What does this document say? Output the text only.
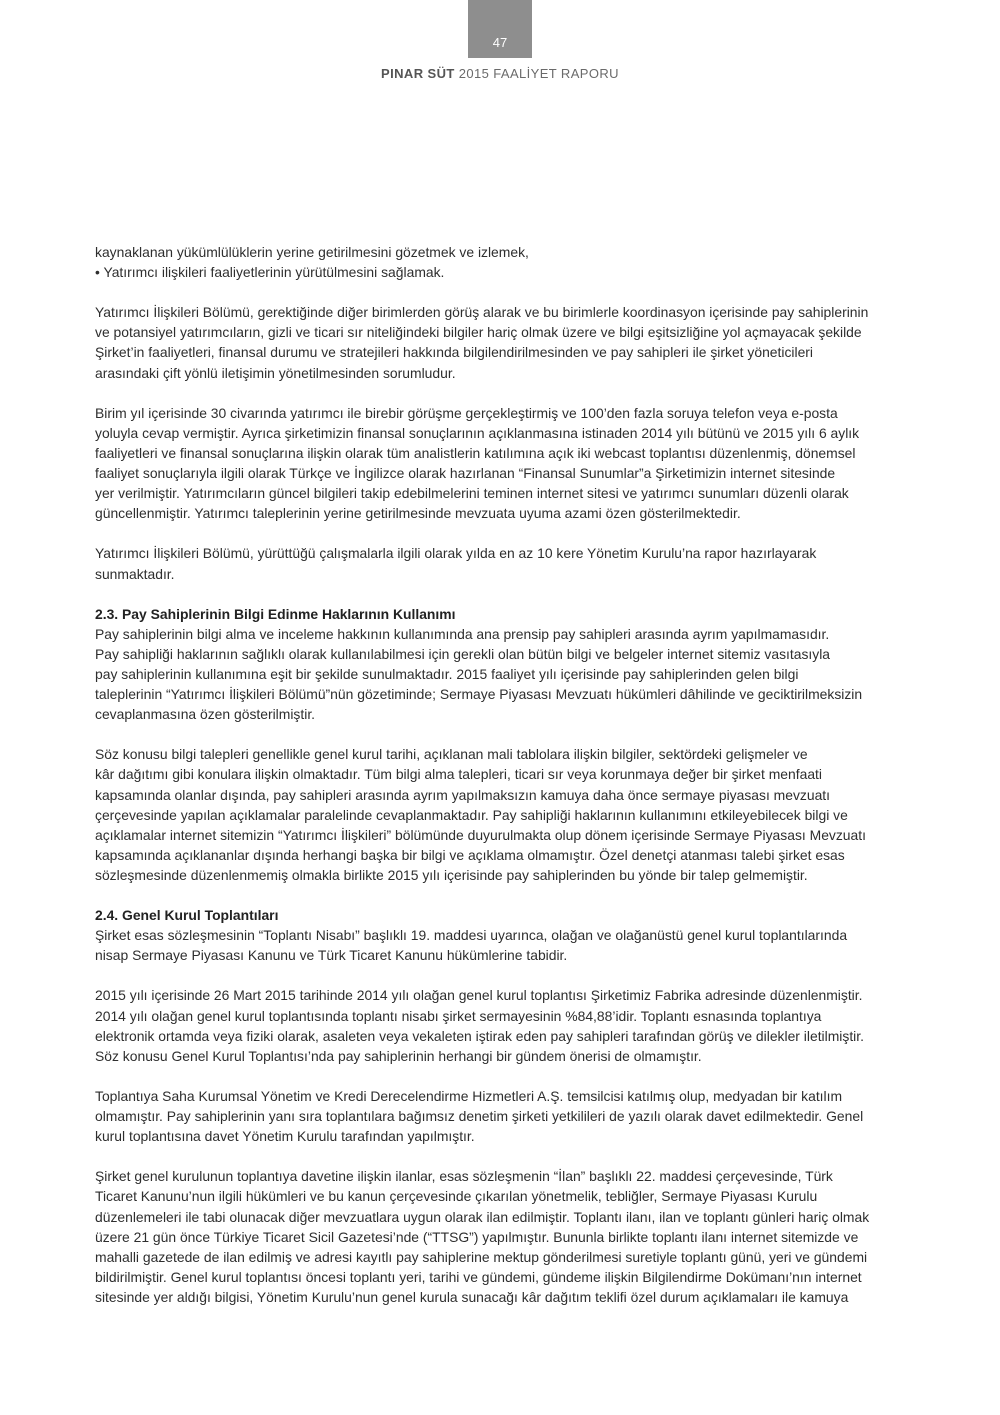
47
PINAR SÜT 2015 FAALİYET RAPORU

kaynaklanan yükümlülüklerin yerine getirilmesini gözetmek ve izlemek,

• Yatırımcı ilişkileri faaliyetlerinin yürütülmesini sağlamak.

Yatırımcı İlişkileri Bölümü, gerektiğinde diğer birimlerden görüş alarak ve bu birimlerle koordinasyon içerisinde pay sahiplerinin

ve potansiyel yatırımcıların, gizli ve ticari sır niteliğindeki bilgiler hariç olmak üzere ve bilgi eşitsizliğine yol açmayacak şekilde

Şirket’in faaliyetleri, finansal durumu ve stratejileri hakkında bilgilendirilmesinden ve pay sahipleri ile şirket yöneticileri

arasındaki çift yönlü iletişimin yönetilmesinden sorumludur.

Birim yıl içerisinde 30 civarında yatırımcı ile birebir görüşme gerçekleştirmiş ve 100’den fazla soruya telefon veya e-posta

yoluyla cevap vermiştir. Ayrıca şirketimizin finansal sonuçlarının açıklanmasına istinaden 2014 yılı bütünü ve 2015 yılı 6 aylık

faaliyetleri ve finansal sonuçlarına ilişkin olarak tüm analistlerin katılımına açık iki webcast toplantısı düzenlenmiş, dönemsel

faaliyet sonuçlarıyla ilgili olarak Türkçe ve İngilizce olarak hazırlanan “Finansal Sunumlar”a Şirketimizin internet sitesinde

yer verilmiştir. Yatırımcıların güncel bilgileri takip edebilmelerini teminen internet sitesi ve yatırımcı sunumları düzenli olarak

güncellenmiştir. Yatırımcı taleplerinin yerine getirilmesinde mevzuata uyuma azami özen gösterilmektedir.

Yatırımcı İlişkileri Bölümü, yürüttüğü çalışmalarla ilgili olarak yılda en az 10 kere Yönetim Kurulu’na rapor hazırlayarak

sunmaktadır.

2.3. Pay Sahiplerinin Bilgi Edinme Haklarının Kullanımı

Pay sahiplerinin bilgi alma ve inceleme hakkının kullanımında ana prensip pay sahipleri arasında ayrım yapılmamasıdır.

Pay sahipliği haklarının sağlıklı olarak kullanılabilmesi için gerekli olan bütün bilgi ve belgeler internet sitemiz vasıtasıyla

pay sahiplerinin kullanımına eşit bir şekilde sunulmaktadır. 2015 faaliyet yılı içerisinde pay sahiplerinden gelen bilgi

taleplerinin “Yatırımcı İlişkileri Bölümü”nün gözetiminde; Sermaye Piyasası Mevzuatı hükümleri dâhilinde ve geciktirilmeksizin

cevaplanmasına özen gösterilmiştir.

Söz konusu bilgi talepleri genellikle genel kurul tarihi, açıklanan mali tablolara ilişkin bilgiler, sektördeki gelişmeler ve

kâr dağıtımı gibi konulara ilişkin olmaktadır. Tüm bilgi alma talepleri, ticari sır veya korunmaya değer bir şirket menfaati

kapsamında olanlar dışında, pay sahipleri arasında ayrım yapılmaksızın kamuya daha önce sermaye piyasası mevzuatı

çerçevesinde yapılan açıklamalar paralelinde cevaplanmaktadır. Pay sahipliği haklarının kullanımını etkileyebilecek bilgi ve

açıklamalar internet sitemizin “Yatırımcı İlişkileri” bölümünde duyurulmakta olup dönem içerisinde Sermaye Piyasası Mevzuatı

kapsamında açıklananlar dışında herhangi başka bir bilgi ve açıklama olmamıştır. Özel denetçi atanması talebi şirket esas

sözleşmesinde düzenlenmemiş olmakla birlikte 2015 yılı içerisinde pay sahiplerinden bu yönde bir talep gelmemiştir.

2.4. Genel Kurul Toplantıları

Şirket esas sözleşmesinin “Toplantı Nisabı” başlıklı 19. maddesi uyarınca, olağan ve olağanüstü genel kurul toplantılarında

nisap Sermaye Piyasası Kanunu ve Türk Ticaret Kanunu hükümlerine tabidir.

2015 yılı içerisinde 26 Mart 2015 tarihinde 2014 yılı olağan genel kurul toplantısı Şirketimiz Fabrika adresinde düzenlenmiştir.

2014 yılı olağan genel kurul toplantısında toplantı nisabı şirket sermayesinin %84,88’idir. Toplantı esnasında toplantıya

elektronik ortamda veya fiziki olarak, asaleten veya vekaleten iştirak eden pay sahipleri tarafından görüş ve dilekler iletilmiştir.

Söz konusu Genel Kurul Toplantısı’nda pay sahiplerinin herhangi bir gündem önerisi de olmamıştır.

Toplantıya Saha Kurumsal Yönetim ve Kredi Derecelendirme Hizmetleri A.Ş. temsilcisi katılmış olup, medyadan bir katılım

olmamıştır. Pay sahiplerinin yanı sıra toplantılara bağımsız denetim şirketi yetkilileri de yazılı olarak davet edilmektedir. Genel

kurul toplantısına davet Yönetim Kurulu tarafından yapılmıştır.

Şirket genel kurulunun toplantıya davetine ilişkin ilanlar, esas sözleşmenin “İlan” başlıklı 22. maddesi çerçevesinde, Türk

Ticaret Kanunu’nun ilgili hükümleri ve bu kanun çerçevesinde çıkarılan yönetmelik, tebliğler, Sermaye Piyasası Kurulu

düzenlemeleri ile tabi olunacak diğer mevzuatlara uygun olarak ilan edilmiştir. Toplantı ilanı, ilan ve toplantı günleri hariç olmak

üzere 21 gün önce Türkiye Ticaret Sicil Gazetesi’nde (“TTSG”) yapılmıştır. Bununla birlikte toplantı ilanı internet sitemizde ve

mahalli gazetede de ilan edilmiş ve adresi kayıtlı pay sahiplerine mektup gönderilmesi suretiyle toplantı günü, yeri ve gündemi

bildirilmiştir. Genel kurul toplantısı öncesi toplantı yeri, tarihi ve gündemi, gündeme ilişkin Bilgilendirme Dokümanı’nın internet

sitesinde yer aldığı bilgisi, Yönetim Kurulu’nun genel kurula sunacağı kâr dağıtım teklifi özel durum açıklamaları ile kamuya
